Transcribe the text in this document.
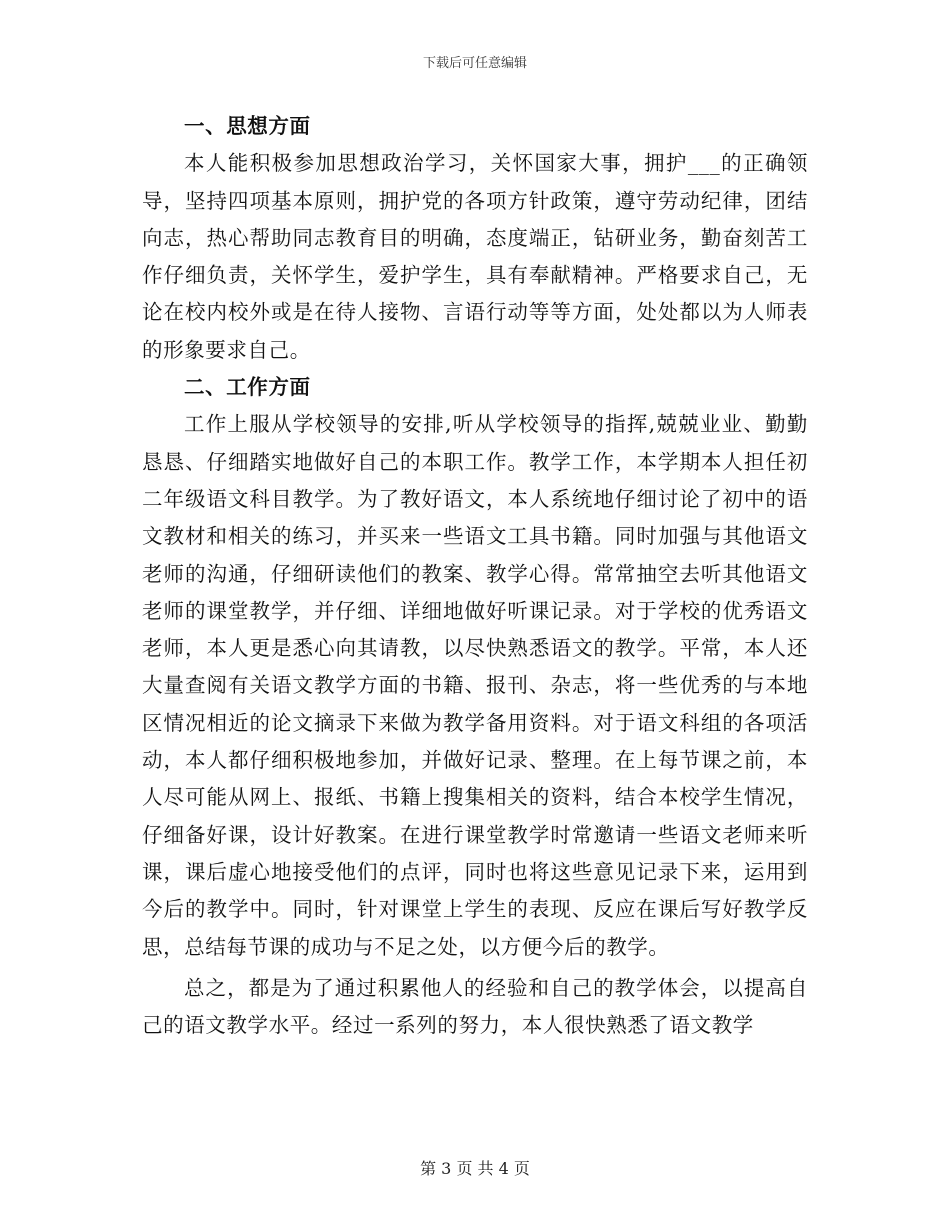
下载后可任意编辑

一、思想方面

本人能积极参加思想政治学习，关怀国家大事，拥护___的正确领导，坚持四项基本原则，拥护党的各项方针政策，遵守劳动纪律，团结向志，热心帮助同志教育目的明确，态度端正，钻研业务，勤奋刻苦工作仔细负责，关怀学生，爱护学生，具有奉献精神。严格要求自己，无论在校内校外或是在待人接物、言语行动等等方面，处处都以为人师表的形象要求自己。

二、工作方面

工作上服从学校领导的安排,听从学校领导的指挥,兢兢业业、勤勤恳恳、仔细踏实地做好自己的本职工作。教学工作，本学期本人担任初二年级语文科目教学。为了教好语文，本人系统地仔细讨论了初中的语文教材和相关的练习，并买来一些语文工具书籍。同时加强与其他语文老师的沟通，仔细研读他们的教案、教学心得。常常抽空去听其他语文老师的课堂教学，并仔细、详细地做好听课记录。对于学校的优秀语文老师，本人更是悉心向其请教，以尽快熟悉语文的教学。平常，本人还大量查阅有关语文教学方面的书籍、报刊、杂志，将一些优秀的与本地区情况相近的论文摘录下来做为教学备用资料。对于语文科组的各项活动，本人都仔细积极地参加，并做好记录、整理。在上每节课之前，本人尽可能从网上、报纸、书籍上搜集相关的资料，结合本校学生情况，仔细备好课，设计好教案。在进行课堂教学时常邀请一些语文老师来听课，课后虚心地接受他们的点评，同时也将这些意见记录下来，运用到今后的教学中。同时，针对课堂上学生的表现、反应在课后写好教学反思，总结每节课的成功与不足之处，以方便今后的教学。

总之，都是为了通过积累他人的经验和自己的教学体会，以提高自己的语文教学水平。经过一系列的努力，本人很快熟悉了语文教学

第 3 页 共 4 页
